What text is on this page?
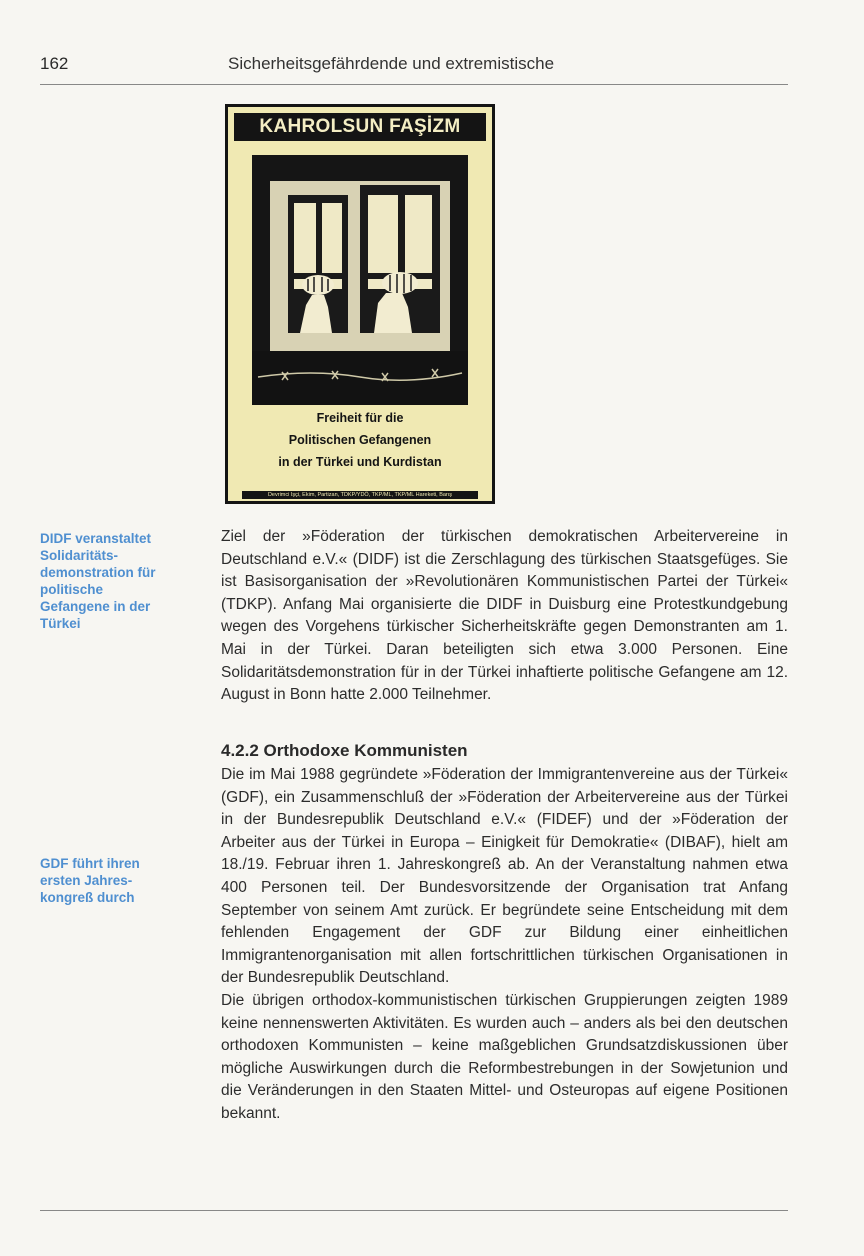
162	Sicherheitsgefährdende und extremistische
KAHROLSUN FAŞİZM
Freiheit für die
Politischen Gefangenen
in der Türkei und Kurdistan
Devrimci Işçi, Ekim, Partizan, TDKP/YDÖ, TKP/ML, TKP/ML Hareketi, Barış
DIDF veranstaltet
Solidaritäts-
demonstration für
politische
Gefangene in der
Türkei
GDF führt ihren
ersten Jahres-
kongreß durch

Ziel der »Föderation der türkischen demokratischen Arbeitervereine in Deutschland e.V.« (DIDF) ist die Zerschlagung des türkischen Staatsgefüges. Sie ist Basisorganisation der »Revolutionären Kommunistischen Partei der Türkei« (TDKP). Anfang Mai organisierte die DIDF in Duisburg eine Protestkundgebung wegen des Vorgehens türkischer Sicherheitskräfte gegen Demonstranten am 1. Mai in der Türkei. Daran beteiligten sich etwa 3.000 Personen. Eine Solidaritätsdemonstration für in der Türkei inhaftierte politische Gefangene am 12. August in Bonn hatte 2.000 Teilnehmer.

4.2.2 Orthodoxe Kommunisten

Die im Mai 1988 gegründete »Föderation der Immigrantenvereine aus der Türkei« (GDF), ein Zusammenschluß der »Föderation der Arbeitervereine aus der Türkei in der Bundesrepublik Deutschland e.V.« (FIDEF) und der »Föderation der Arbeiter aus der Türkei in Europa – Einigkeit für Demokratie« (DIBAF), hielt am 18./19. Februar ihren 1. Jahreskongreß ab. An der Veranstaltung nahmen etwa 400 Personen teil. Der Bundesvorsitzende der Organisation trat Anfang September von seinem Amt zurück. Er begründete seine Entscheidung mit dem fehlenden Engagement der GDF zur Bildung einer einheitlichen Immigrantenorganisation mit allen fortschrittlichen türkischen Organisationen in der Bundesrepublik Deutschland.

Die übrigen orthodox-kommunistischen türkischen Gruppierungen zeigten 1989 keine nennenswerten Aktivitäten. Es wurden auch – anders als bei den deutschen orthodoxen Kommunisten – keine maßgeblichen Grundsatzdiskussionen über mögliche Auswirkungen durch die Reformbestrebungen in der Sowjetunion und die Veränderungen in den Staaten Mittel- und Osteuropas auf eigene Positionen bekannt.
